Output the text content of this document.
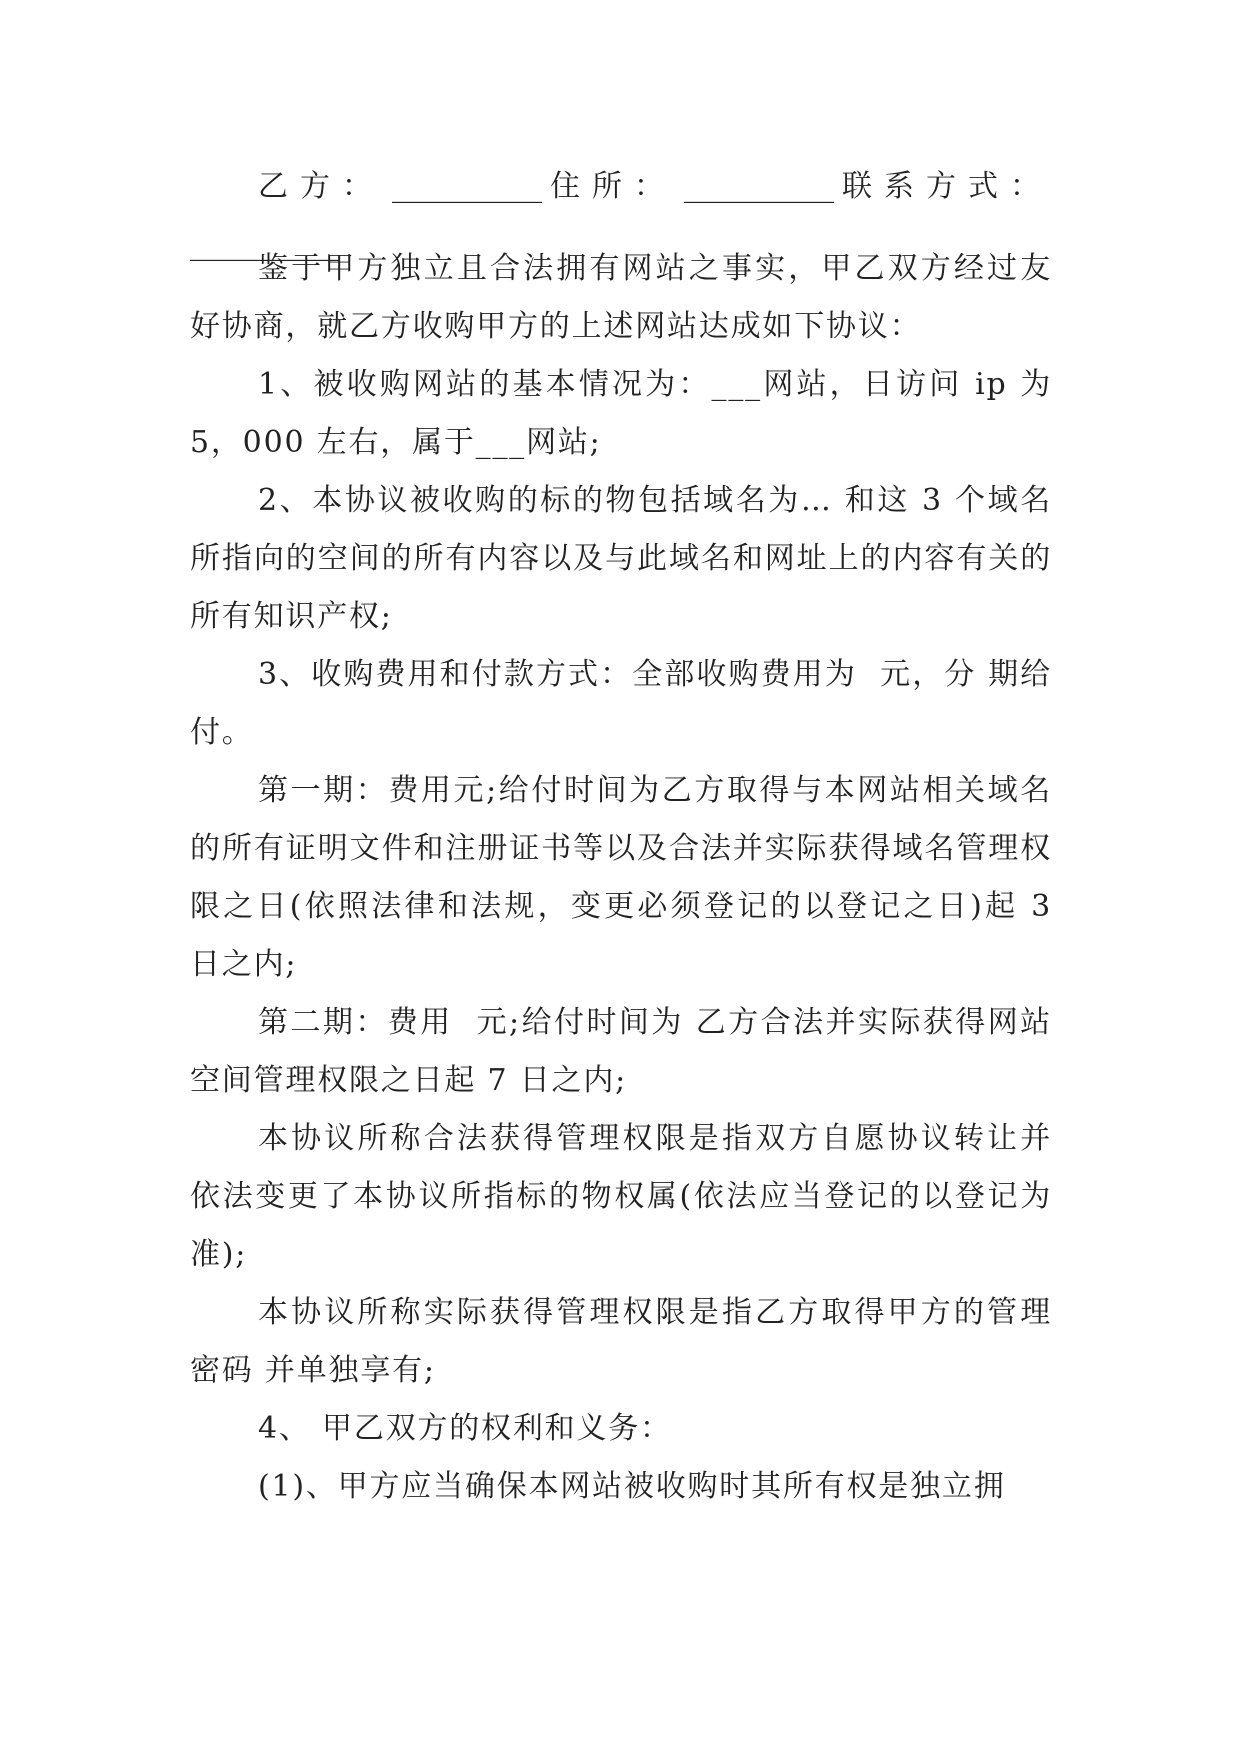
乙方： __________ 住所： __________ 联系方式：
__________

鉴于甲方独立且合法拥有网站之事实，甲乙双方经过友好协商，就乙方收购甲方的上述网站达成如下协议：

1、被收购网站的基本情况为：___网站，日访问 ip 为 5，000 左右，属于___网站;

2、本协议被收购的标的物包括域名为… 和这 3 个域名所指向的空间的所有内容以及与此域名和网址上的内容有关的所有知识产权;

3、收购费用和付款方式：全部收购费用为  元，分 期给付。

第一期：费用元;给付时间为乙方取得与本网站相关域名的所有证明文件和注册证书等以及合法并实际获得域名管理权限之日(依照法律和法规，变更必须登记的以登记之日)起 3 日之内;

第二期：费用  元;给付时间为 乙方合法并实际获得网站空间管理权限之日起 7 日之内;

本协议所称合法获得管理权限是指双方自愿协议转让并依法变更了本协议所指标的物权属(依法应当登记的以登记为准);

本协议所称实际获得管理权限是指乙方取得甲方的管理密码 并单独享有;

4、 甲乙双方的权利和义务：

(1)、甲方应当确保本网站被收购时其所有权是独立拥
